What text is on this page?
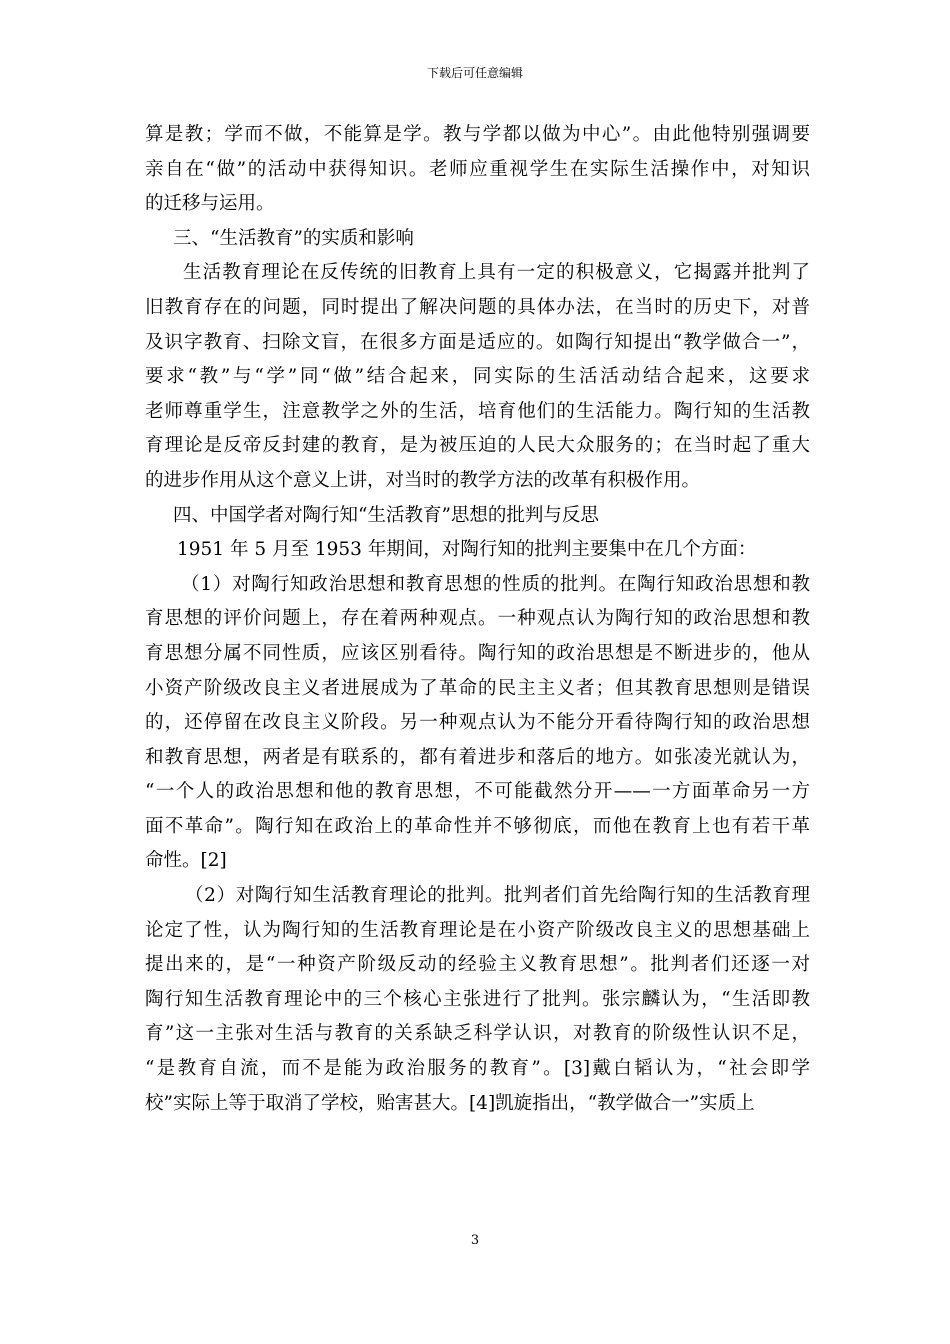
下载后可任意编辑
算是教；学而不做，不能算是学。教与学都以做为中心”。由此他特别强调要
亲自在“做”的活动中获得知识。老师应重视学生在实际生活操作中，对知识
的迁移与运用。
三、“生活教育”的实质和影响
生活教育理论在反传统的旧教育上具有一定的积极意义，它揭露并批判了
旧教育存在的问题，同时提出了解决问题的具体办法，在当时的历史下，对普
及识字教育、扫除文盲，在很多方面是适应的。如陶行知提出“教学做合一”，
要求“教”与“学”同“做”结合起来，同实际的生活活动结合起来，这要求
老师尊重学生，注意教学之外的生活，培育他们的生活能力。陶行知的生活教
育理论是反帝反封建的教育，是为被压迫的人民大众服务的；在当时起了重大
的进步作用从这个意义上讲，对当时的教学方法的改革有积极作用。
四、中国学者对陶行知“生活教育”思想的批判与反思
1951 年 5 月至 1953 年期间，对陶行知的批判主要集中在几个方面：
（1）对陶行知政治思想和教育思想的性质的批判。在陶行知政治思想和教
育思想的评价问题上，存在着两种观点。一种观点认为陶行知的政治思想和教
育思想分属不同性质，应该区别看待。陶行知的政治思想是不断进步的，他从
小资产阶级改良主义者进展成为了革命的民主主义者；但其教育思想则是错误
的，还停留在改良主义阶段。另一种观点认为不能分开看待陶行知的政治思想
和教育思想，两者是有联系的，都有着进步和落后的地方。如张凌光就认为，
“一个人的政治思想和他的教育思想，不可能截然分开——一方面革命另一方
面不革命”。陶行知在政治上的革命性并不够彻底，而他在教育上也有若干革
命性。[2]
（2）对陶行知生活教育理论的批判。批判者们首先给陶行知的生活教育理
论定了性，认为陶行知的生活教育理论是在小资产阶级改良主义的思想基础上
提出来的，是“一种资产阶级反动的经验主义教育思想”。批判者们还逐一对
陶行知生活教育理论中的三个核心主张进行了批判。张宗麟认为，“生活即教
育”这一主张对生活与教育的关系缺乏科学认识，对教育的阶级性认识不足，
“是教育自流，而不是能为政治服务的教育”。[3]戴白韬认为，“社会即学
校”实际上等于取消了学校，贻害甚大。[4]凯旋指出，“教学做合一”实质上
3
